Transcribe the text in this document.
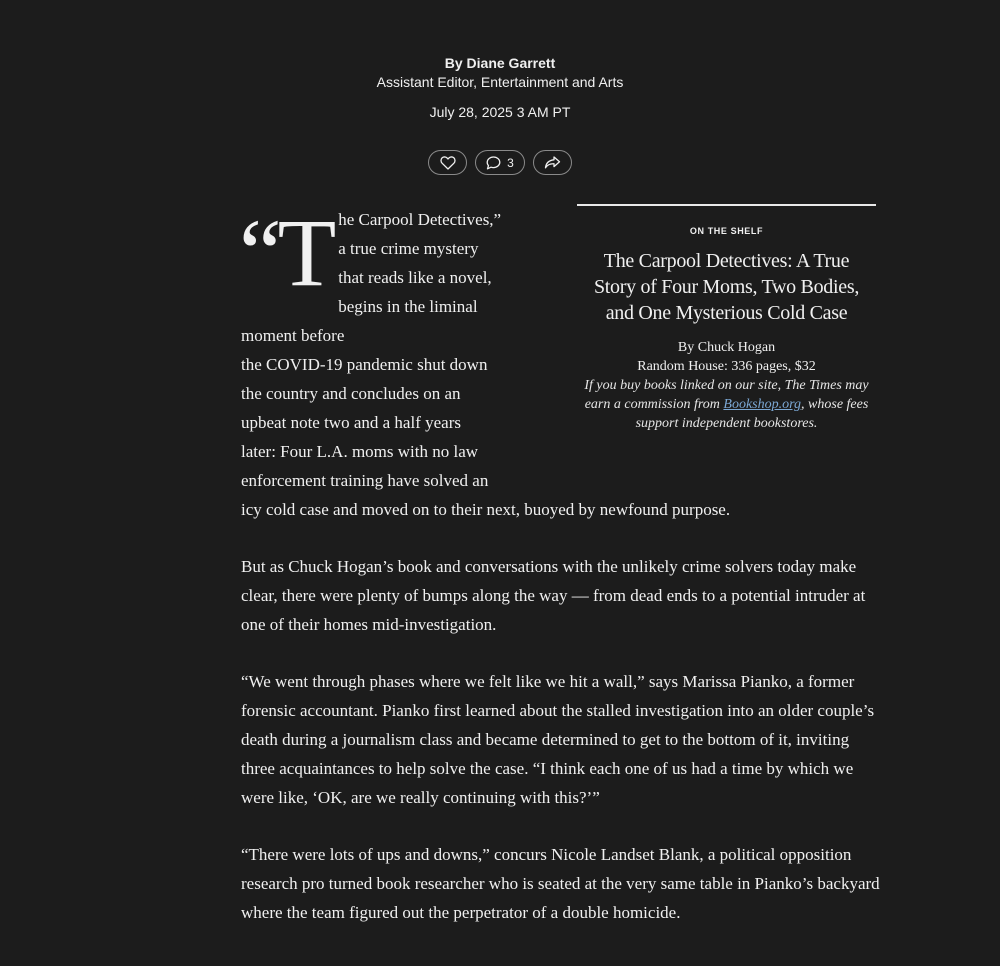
By Diane Garrett
Assistant Editor, Entertainment and Arts
July 28, 2025 3 AM PT
3
ON THE SHELF
The Carpool Detectives: A True Story of Four Moms, Two Bodies, and One Mysterious Cold Case
By Chuck Hogan
Random House: 336 pages, $32
If you buy books linked on our site, The Times may earn a commission from Bookshop.org, whose fees support independent bookstores.

“T he Carpool Detectives,”
a true crime mystery
that reads like a novel,
begins in the liminal moment before
the COVID-19 pandemic shut down
the country and concludes on an
upbeat note two and a half years
later: Four L.A. moms with no law
enforcement training have solved an
icy cold case and moved on to their next, buoyed by newfound purpose.

But as Chuck Hogan’s book and conversations with the unlikely crime solvers today make clear, there were plenty of bumps along the way — from dead ends to a potential intruder at one of their homes mid-investigation.

“We went through phases where we felt like we hit a wall,” says Marissa Pianko, a former forensic accountant. Pianko first learned about the stalled investigation into an older couple’s death during a journalism class and became determined to get to the bottom of it, inviting three acquaintances to help solve the case. “I think each one of us had a time by which we were like, ‘OK, are we really continuing with this?’”

“There were lots of ups and downs,” concurs Nicole Landset Blank, a political opposition research pro turned book researcher who is seated at the very same table in Pianko’s backyard where the team figured out the perpetrator of a double homicide.
